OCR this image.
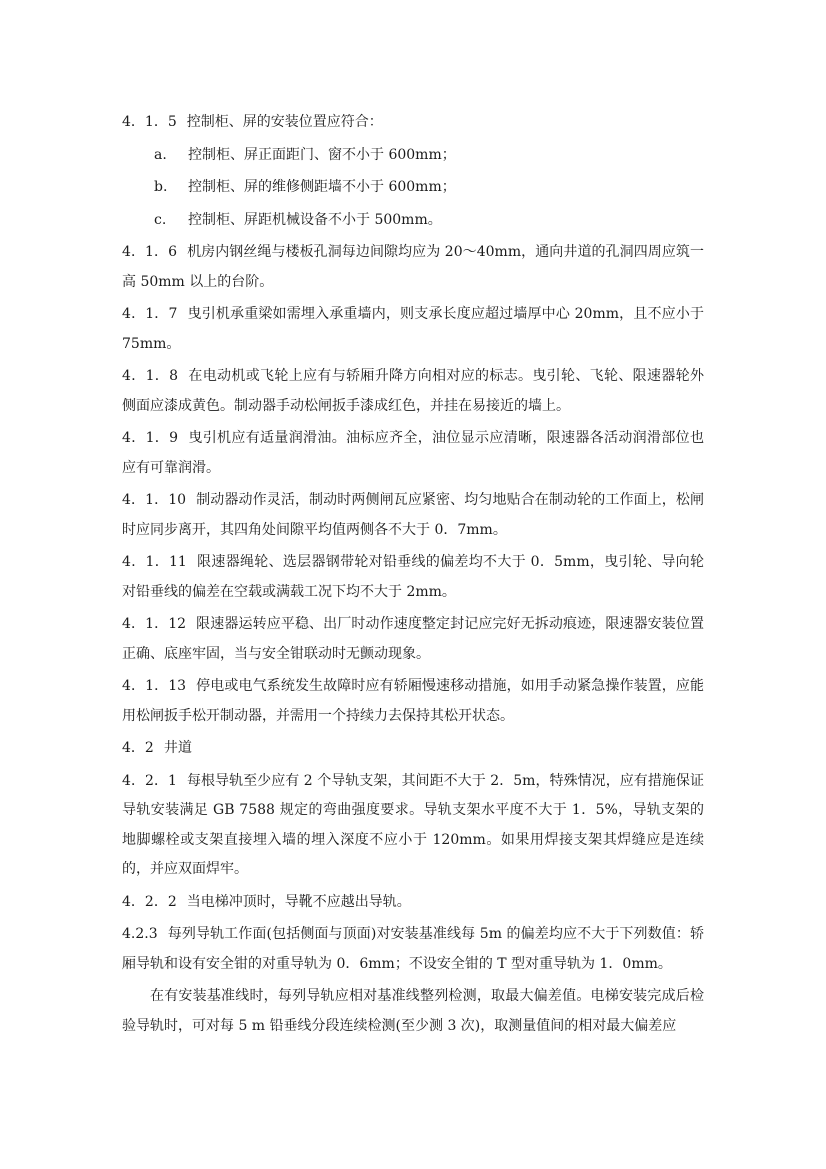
4．1．5 控制柜、屏的安装位置应符合：

a. 控制柜、屏正面距门、窗不小于 600mm；

b. 控制柜、屏的维修侧距墙不小于 600mm；

c. 控制柜、屏距机械设备不小于 500mm。

4．1．6 机房内钢丝绳与楼板孔洞每边间隙均应为 20～40mm，通向井道的孔洞四周应筑一高 50mm 以上的台阶。

4．1．7 曳引机承重梁如需埋入承重墙内，则支承长度应超过墙厚中心 20mm，且不应小于 75mm。

4．1．8 在电动机或飞轮上应有与轿厢升降方向相对应的标志。曳引轮、飞轮、限速器轮外侧面应漆成黄色。制动器手动松闸扳手漆成红色，并挂在易接近的墙上。

4．1．9 曳引机应有适量润滑油。油标应齐全，油位显示应清晰，限速器各活动润滑部位也应有可靠润滑。

4．1．10 制动器动作灵活，制动时两侧闸瓦应紧密、均匀地贴合在制动轮的工作面上，松闸时应同步离开，其四角处间隙平均值两侧各不大于 0．7mm。

4．1．11 限速器绳轮、选层器钢带轮对铅垂线的偏差均不大于 0．5mm，曳引轮、导向轮对铅垂线的偏差在空载或满载工况下均不大于 2mm。

4．1．12 限速器运转应平稳、出厂时动作速度整定封记应完好无拆动痕迹，限速器安装位置正确、底座牢固，当与安全钳联动时无颤动现象。

4．1．13 停电或电气系统发生故障时应有轿厢慢速移动措施，如用手动紧急操作装置，应能用松闸扳手松开制动器，并需用一个持续力去保持其松开状态。

4．2 井道

4．2．1 每根导轨至少应有 2 个导轨支架，其间距不大于 2．5m，特殊情况，应有措施保证导轨安装满足 GB 7588 规定的弯曲强度要求。导轨支架水平度不大于 1．5%，导轨支架的地脚螺栓或支架直接埋入墙的埋入深度不应小于 120mm。如果用焊接支架其焊缝应是连续的，并应双面焊牢。

4．2．2 当电梯冲顶时，导靴不应越出导轨。

4.2.3 每列导轨工作面(包括侧面与顶面)对安装基准线每 5m 的偏差均应不大于下列数值：轿厢导轨和设有安全钳的对重导轨为 0．6mm；不设安全钳的 T 型对重导轨为 1．0mm。

在有安装基准线时，每列导轨应相对基准线整列检测，取最大偏差值。电梯安装完成后检验导轨时，可对每 5 m 铅垂线分段连续检测(至少测 3 次)，取测量值间的相对最大偏差应
